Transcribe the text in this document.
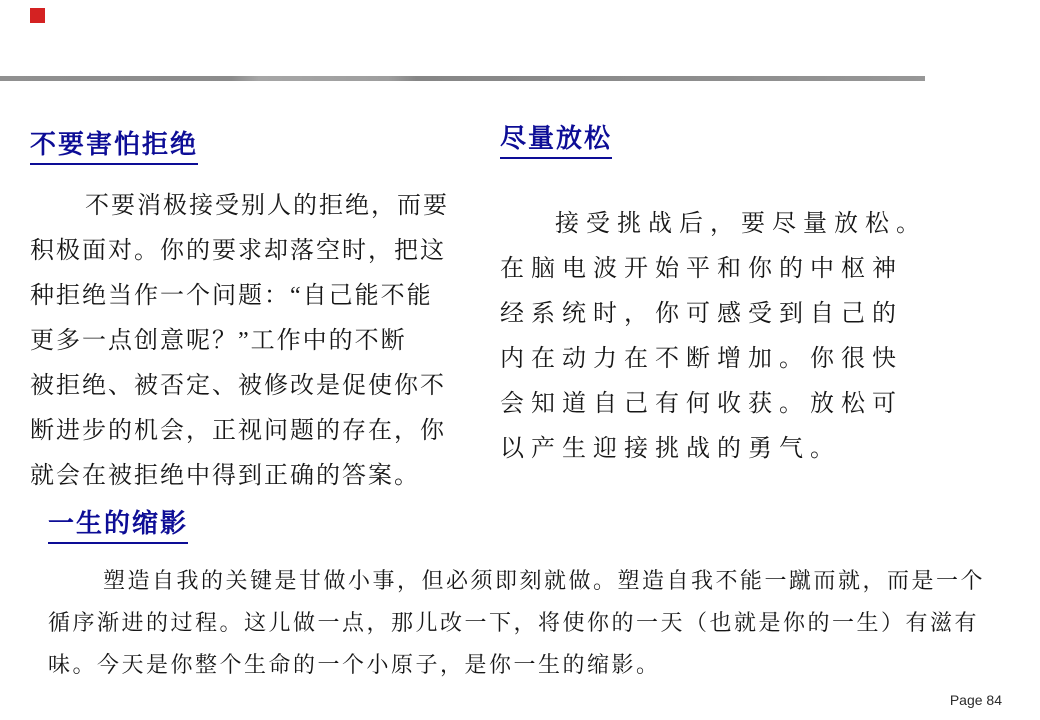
不要害怕拒绝	尽量放松
不要消极接受别人的拒绝，而要
积极面对。你的要求却落空时，把这
种拒绝当作一个问题：“自己能不能
更多一点创意呢？”工作中的不断
被拒绝、被否定、被修改是促使你不
断进步的机会，正视问题的存在，你
就会在被拒绝中得到正确的答案。
接受挑战后，要尽量放松。
在脑电波开始平和你的中枢神
经系统时，你可感受到自己的
内在动力在不断增加。你很快
会知道自己有何收获。放松可
以产生迎接挑战的勇气。
一生的缩影
塑造自我的关键是甘做小事，但必须即刻就做。塑造自我不能一蹴而就，而是一个
循序渐进的过程。这儿做一点，那儿改一下，将使你的一天（也就是你的一生）有滋有
味。今天是你整个生命的一个小原子，是你一生的缩影。
Page 84
